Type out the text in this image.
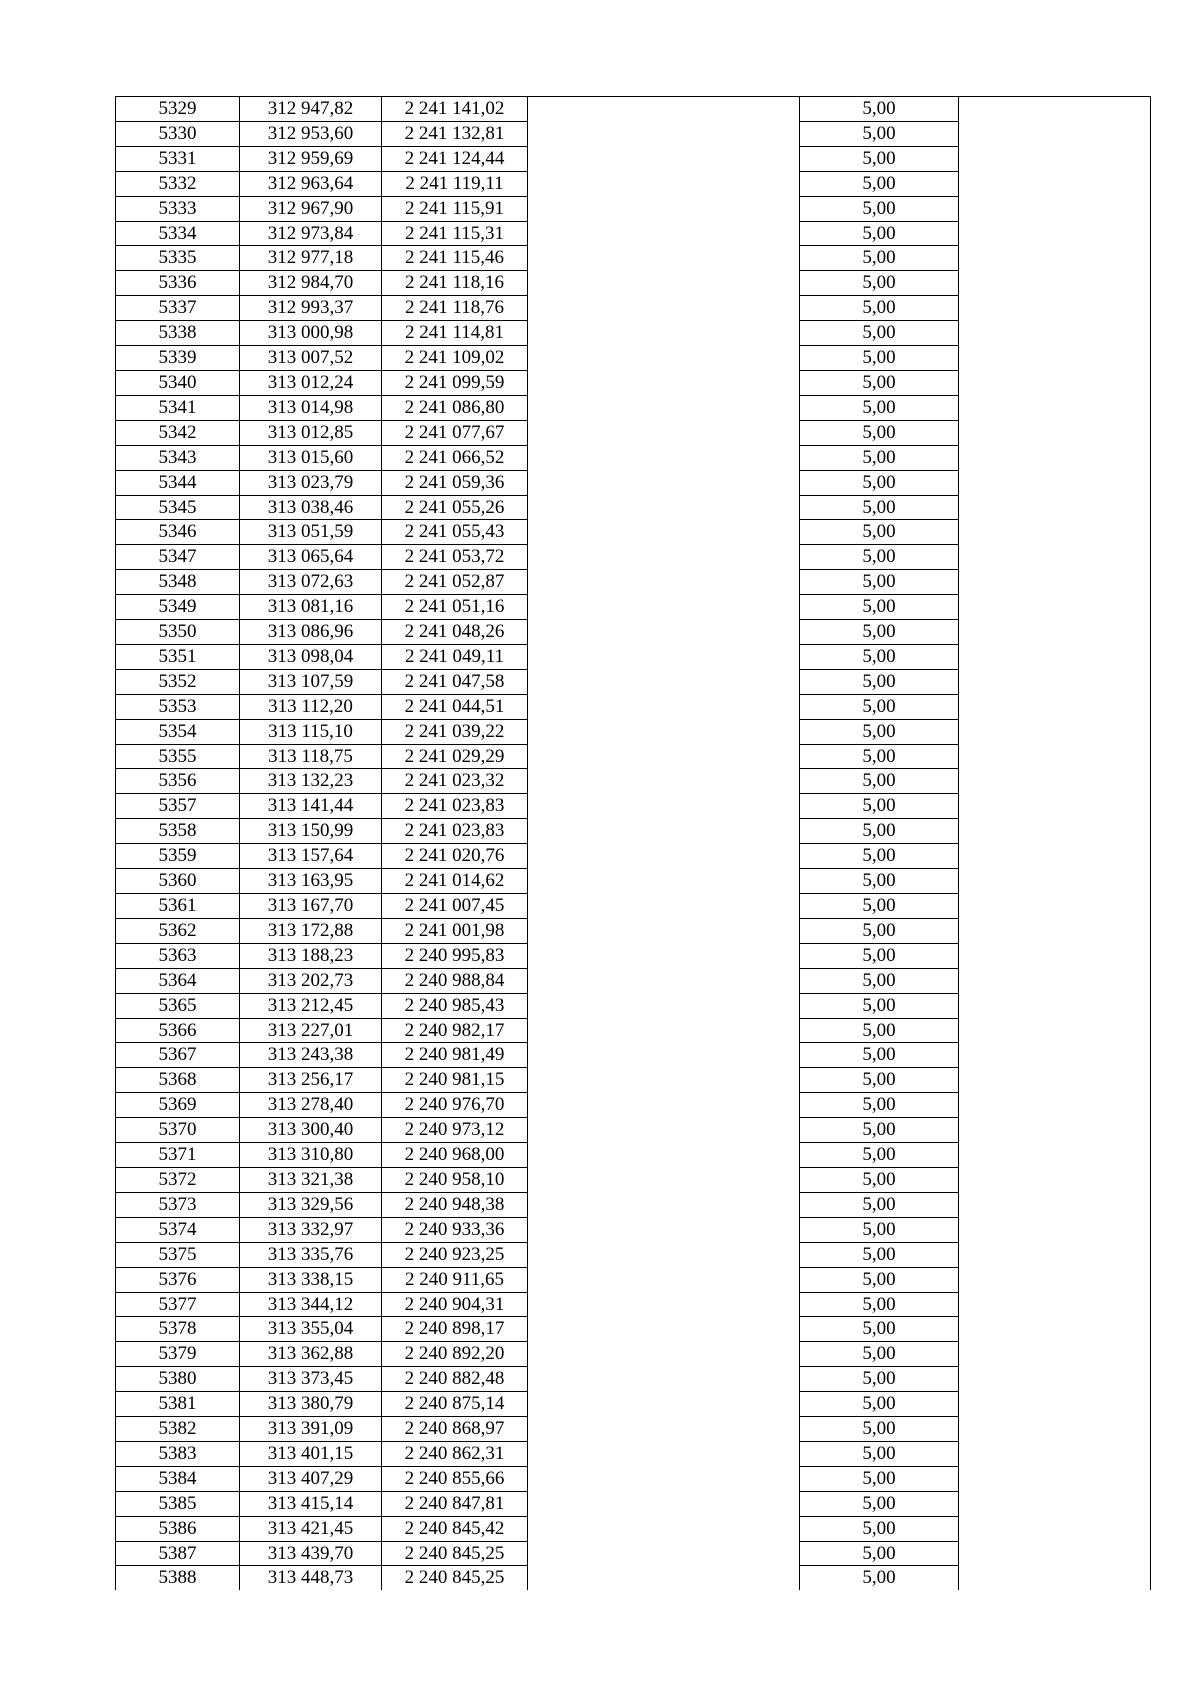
5329	312 947,82	2 241 141,02		5,00	
5330	312 953,60	2 241 132,81		5,00	
5331	312 959,69	2 241 124,44		5,00	
5332	312 963,64	2 241 119,11		5,00	
5333	312 967,90	2 241 115,91		5,00	
5334	312 973,84	2 241 115,31		5,00	
5335	312 977,18	2 241 115,46		5,00	
5336	312 984,70	2 241 118,16		5,00	
5337	312 993,37	2 241 118,76		5,00	
5338	313 000,98	2 241 114,81		5,00	
5339	313 007,52	2 241 109,02		5,00	
5340	313 012,24	2 241 099,59		5,00	
5341	313 014,98	2 241 086,80		5,00	
5342	313 012,85	2 241 077,67		5,00	
5343	313 015,60	2 241 066,52		5,00	
5344	313 023,79	2 241 059,36		5,00	
5345	313 038,46	2 241 055,26		5,00	
5346	313 051,59	2 241 055,43		5,00	
5347	313 065,64	2 241 053,72		5,00	
5348	313 072,63	2 241 052,87		5,00	
5349	313 081,16	2 241 051,16		5,00	
5350	313 086,96	2 241 048,26		5,00	
5351	313 098,04	2 241 049,11		5,00	
5352	313 107,59	2 241 047,58		5,00	
5353	313 112,20	2 241 044,51		5,00	
5354	313 115,10	2 241 039,22		5,00	
5355	313 118,75	2 241 029,29		5,00	
5356	313 132,23	2 241 023,32		5,00	
5357	313 141,44	2 241 023,83		5,00	
5358	313 150,99	2 241 023,83		5,00	
5359	313 157,64	2 241 020,76		5,00	
5360	313 163,95	2 241 014,62		5,00	
5361	313 167,70	2 241 007,45		5,00	
5362	313 172,88	2 241 001,98		5,00	
5363	313 188,23	2 240 995,83		5,00	
5364	313 202,73	2 240 988,84		5,00	
5365	313 212,45	2 240 985,43		5,00	
5366	313 227,01	2 240 982,17		5,00	
5367	313 243,38	2 240 981,49		5,00	
5368	313 256,17	2 240 981,15		5,00	
5369	313 278,40	2 240 976,70		5,00	
5370	313 300,40	2 240 973,12		5,00	
5371	313 310,80	2 240 968,00		5,00	
5372	313 321,38	2 240 958,10		5,00	
5373	313 329,56	2 240 948,38		5,00	
5374	313 332,97	2 240 933,36		5,00	
5375	313 335,76	2 240 923,25		5,00	
5376	313 338,15	2 240 911,65		5,00	
5377	313 344,12	2 240 904,31		5,00	
5378	313 355,04	2 240 898,17		5,00	
5379	313 362,88	2 240 892,20		5,00	
5380	313 373,45	2 240 882,48		5,00	
5381	313 380,79	2 240 875,14		5,00	
5382	313 391,09	2 240 868,97		5,00	
5383	313 401,15	2 240 862,31		5,00	
5384	313 407,29	2 240 855,66		5,00	
5385	313 415,14	2 240 847,81		5,00	
5386	313 421,45	2 240 845,42		5,00	
5387	313 439,70	2 240 845,25		5,00	
5388	313 448,73	2 240 845,25		5,00	
